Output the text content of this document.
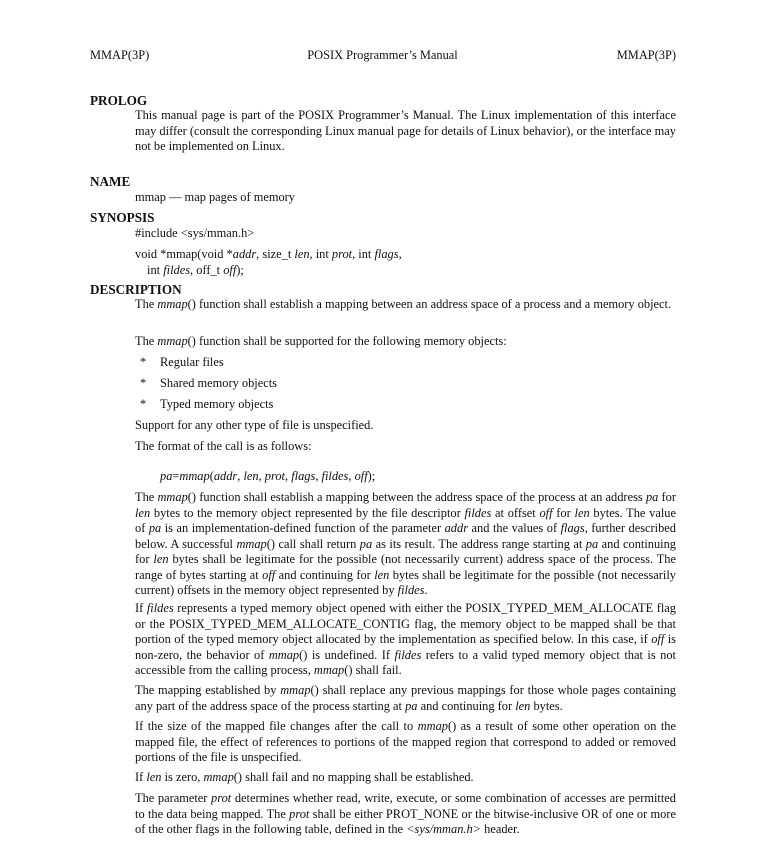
MMAP(3P)	POSIX Programmer’s Manual	MMAP(3P)
PROLOG
This manual page is part of the POSIX Programmer’s Manual. The Linux implementation of this interface may differ (consult the corresponding Linux manual page for details of Linux behavior), or the interface may not be implemented on Linux.
NAME
mmap — map pages of memory
SYNOPSIS
#include <sys/mman.h>

void *mmap(void *addr, size_t len, int prot, int flags,

int fildes, off_t off);

DESCRIPTION
The mmap() function shall establish a mapping between an address space of a process and a memory object.
The mmap() function shall be supported for the following memory objects:
* Regular files
* Shared memory objects
* Typed memory objects
Support for any other type of file is unspecified.
The format of the call is as follows:
pa=mmap(addr, len, prot, flags, fildes, off);
The mmap() function shall establish a mapping between the address space of the process at an address pa for len bytes to the memory object represented by the file descriptor fildes at offset off for len bytes. The value of pa is an implementation-defined function of the parameter addr and the values of flags, further described below. A successful mmap() call shall return pa as its result. The address range starting at pa and continuing for len bytes shall be legitimate for the possible (not necessarily current) address space of the process. The range of bytes starting at off and continuing for len bytes shall be legitimate for the possible (not necessarily current) offsets in the memory object represented by fildes.
If fildes represents a typed memory object opened with either the POSIX_TYPED_MEM_ALLOCATE flag or the POSIX_TYPED_MEM_ALLOCATE_CONTIG flag, the memory object to be mapped shall be that portion of the typed memory object allocated by the implementation as specified below. In this case, if off is non-zero, the behavior of mmap() is undefined. If fildes refers to a valid typed memory object that is not accessible from the calling process, mmap() shall fail.
The mapping established by mmap() shall replace any previous mappings for those whole pages containing any part of the address space of the process starting at pa and continuing for len bytes.
If the size of the mapped file changes after the call to mmap() as a result of some other operation on the mapped file, the effect of references to portions of the mapped region that correspond to added or removed portions of the file is unspecified.
If len is zero, mmap() shall fail and no mapping shall be established.
The parameter prot determines whether read, write, execute, or some combination of accesses are permitted to the data being mapped. The prot shall be either PROT_NONE or the bitwise-inclusive OR of one or more of the other flags in the following table, defined in the <sys/mman.h> header.
